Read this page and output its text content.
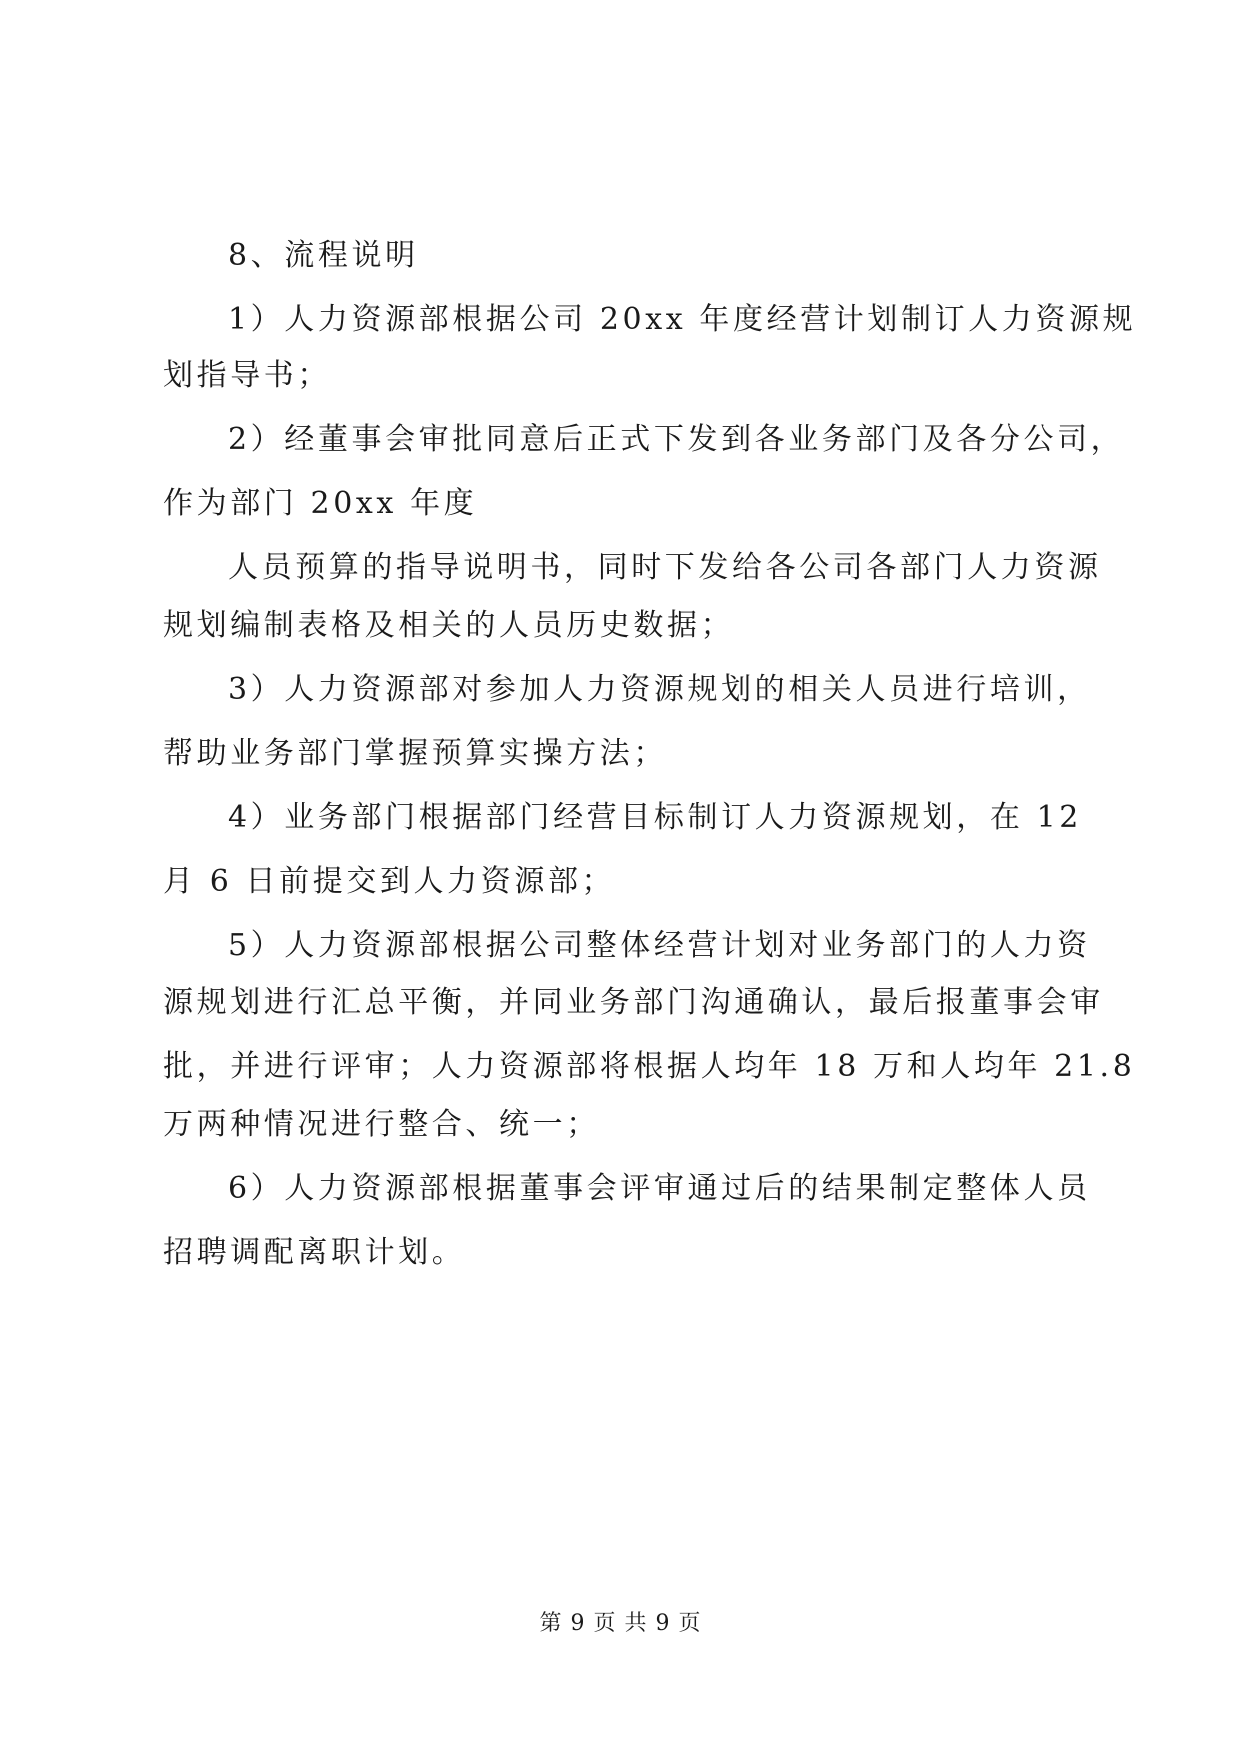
8、流程说明
1）人力资源部根据公司 20xx 年度经营计划制订人力资源规
划指导书；
2）经董事会审批同意后正式下发到各业务部门及各分公司，
作为部门 20xx 年度
人员预算的指导说明书，同时下发给各公司各部门人力资源
规划编制表格及相关的人员历史数据；
3）人力资源部对参加人力资源规划的相关人员进行培训，
帮助业务部门掌握预算实操方法；
4）业务部门根据部门经营目标制订人力资源规划，在 12
月 6 日前提交到人力资源部；
5）人力资源部根据公司整体经营计划对业务部门的人力资
源规划进行汇总平衡，并同业务部门沟通确认，最后报董事会审
批，并进行评审；人力资源部将根据人均年 18 万和人均年 21.8
万两种情况进行整合、统一；
6）人力资源部根据董事会评审通过后的结果制定整体人员
招聘调配离职计划。
第 9 页 共 9 页
